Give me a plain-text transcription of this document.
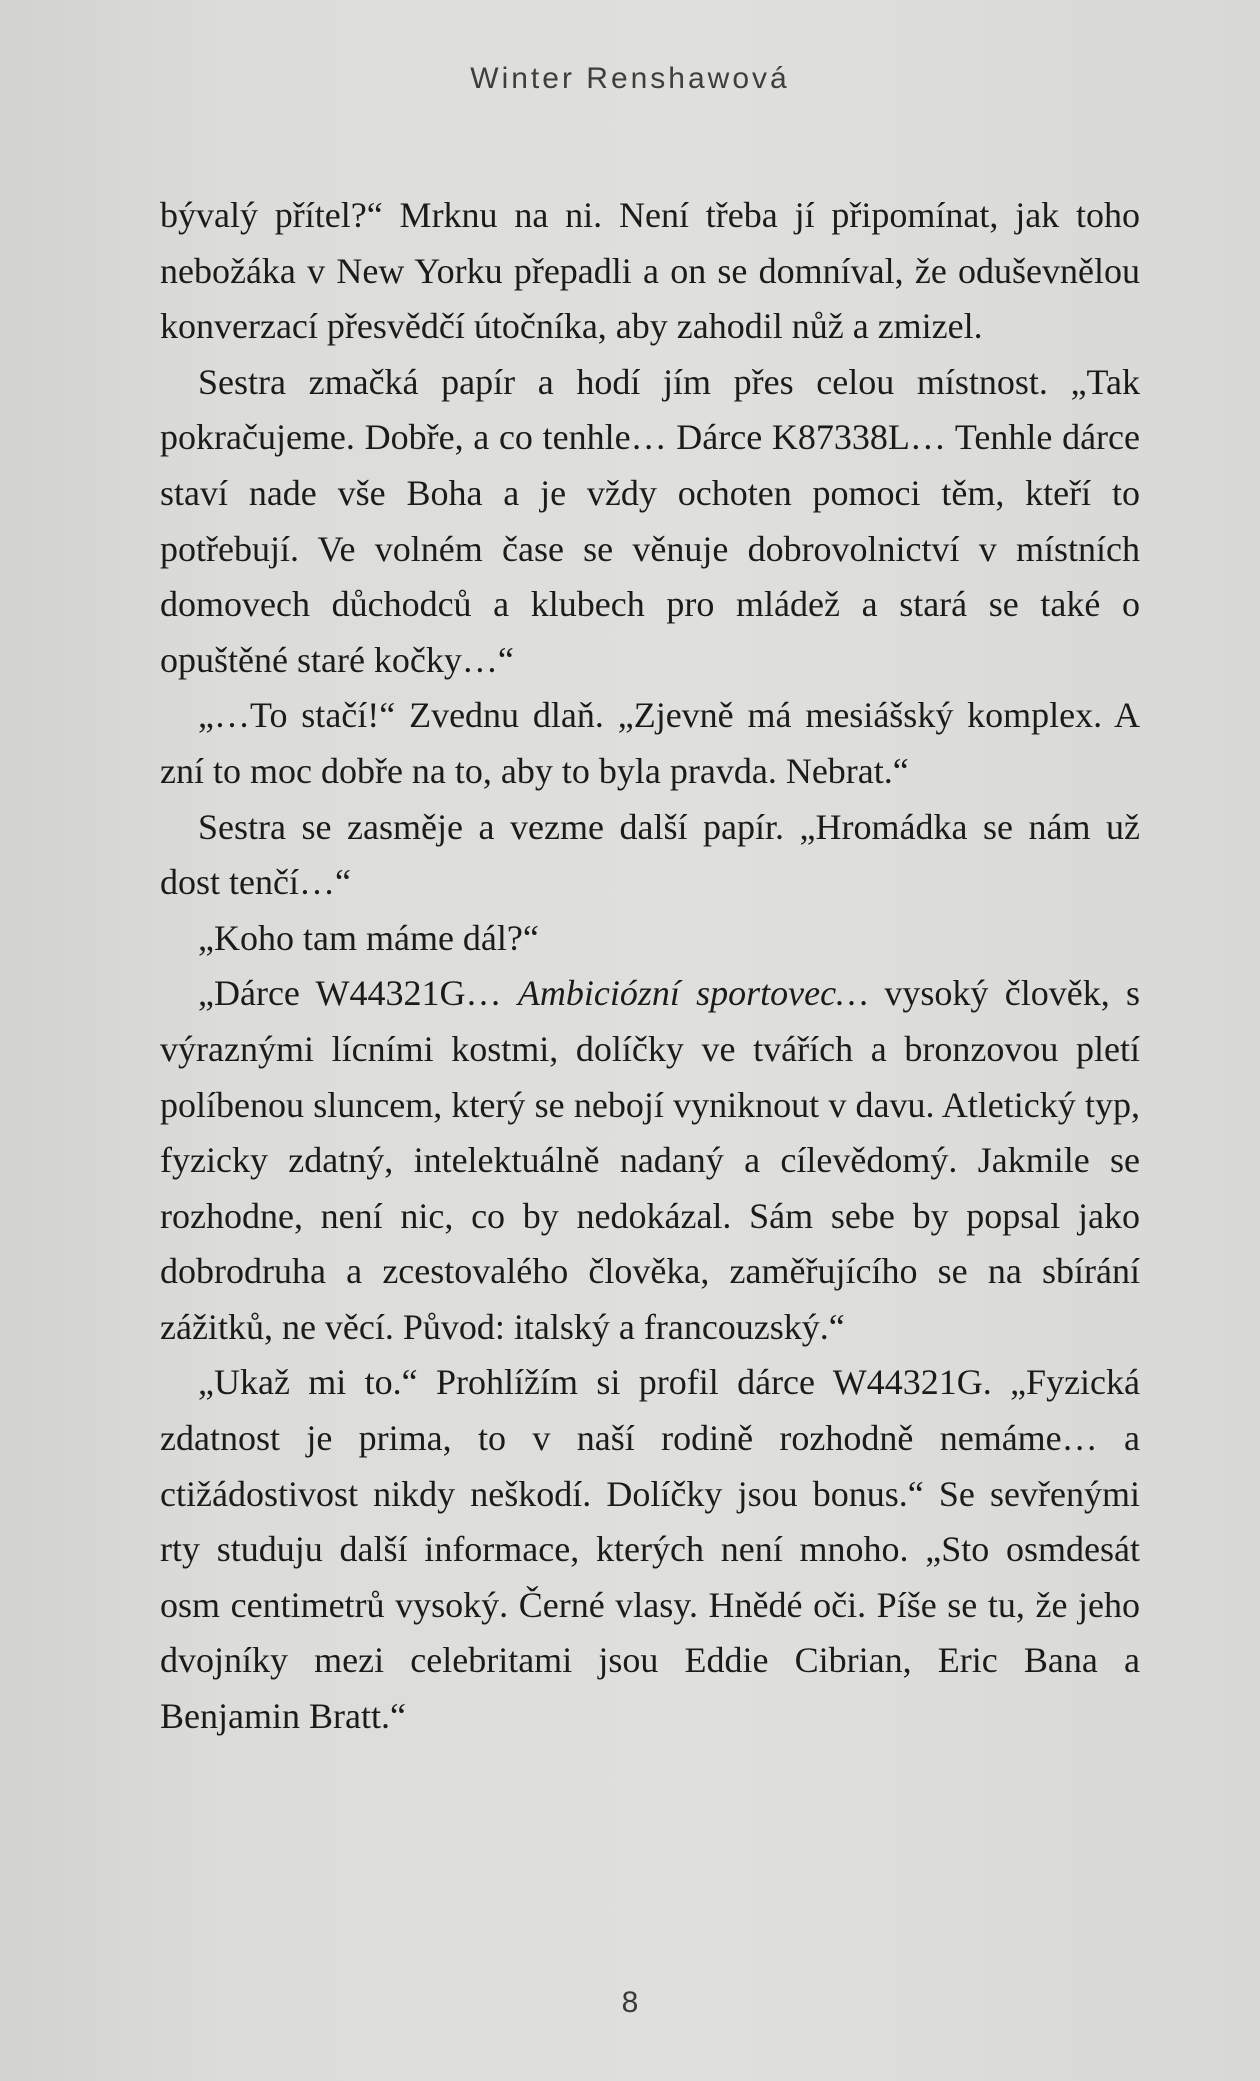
Winter Renshawová

bývalý přítel?“ Mrknu na ni. Není třeba jí připomínat, jak toho nebožáka v New Yorku přepadli a on se domníval, že oduševnělou konverzací přesvědčí útočníka, aby zahodil nůž a zmizel.

Sestra zmačká papír a hodí jím přes celou místnost. „Tak pokračujeme. Dobře, a co tenhle… Dárce K87338L… Tenhle dárce staví nade vše Boha a je vždy ochoten pomoci těm, kteří to potřebují. Ve volném čase se věnuje dobrovolnictví v místních domovech důchodců a klubech pro mládež a stará se také o opuštěné staré kočky…“

„…To stačí!“ Zvednu dlaň. „Zjevně má mesiášský komplex. A zní to moc dobře na to, aby to byla pravda. Nebrat.“

Sestra se zasměje a vezme další papír. „Hromádka se nám už dost tenčí…“

„Koho tam máme dál?“

„Dárce W44321G… Ambiciózní sportovec… vysoký člověk, s výraznými lícními kostmi, dolíčky ve tvářích a bronzovou pletí políbenou sluncem, který se nebojí vyniknout v davu. Atletický typ, fyzicky zdatný, intelektuálně nadaný a cílevědomý. Jakmile se rozhodne, není nic, co by nedokázal. Sám sebe by popsal jako dobrodruha a zcestovalého člověka, zaměřujícího se na sbírání zážitků, ne věcí. Původ: italský a francouzský.“

„Ukaž mi to.“ Prohlížím si profil dárce W44321G. „Fyzická zdatnost je prima, to v naší rodině rozhodně nemáme… a ctižádostivost nikdy neškodí. Dolíčky jsou bonus.“ Se sevřenými rty studuju další informace, kterých není mnoho. „Sto osmdesát osm centimetrů vysoký. Černé vlasy. Hnědé oči. Píše se tu, že jeho dvojníky mezi celebritami jsou Eddie Cibrian, Eric Bana a Benjamin Bratt.“

8
